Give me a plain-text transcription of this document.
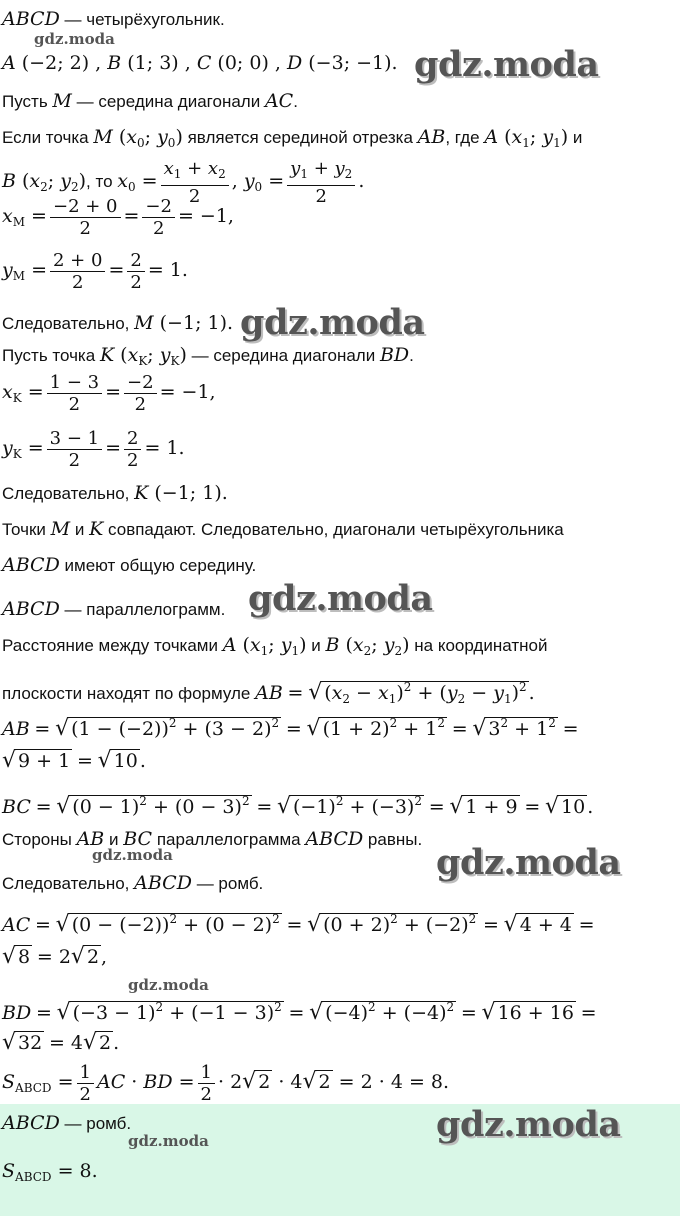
ABCD — четырёхугольник.
gdz.moda
A (−2; 2) , B (1; 3) , C (0; 0) , D (−3; −1). gdz.moda
Пусть M — середина диагонали AC.
Если точка M ($x_0$; $y_0$) является серединой отрезка AB, где A ($x_1$; $y_1$) и
B ($x_2$; $y_2$), то $x_0 = \frac{x_1 + x_2}{2}$ , $y_0 = \frac{y_1 + y_2}{2}$ .
$x_M = \frac{-2 + 0}{2} = \frac{-2}{2} = -1$,
$y_M = \frac{2 + 0}{2} = \frac{2}{2} = 1$.
Следовательно, M (−1; 1). gdz.moda
Пусть точка K ($x_K$; $y_K$) — середина диагонали BD.
$x_K = \frac{1 - 3}{2} = \frac{-2}{2} = -1$,
$y_K = \frac{3 - 1}{2} = \frac{2}{2} = 1$.
Следовательно, K (−1; 1).
Точки M и K совпадают. Следовательно, диагонали четырёхугольника
ABCD имеют общую середину.
ABCD — параллелограмм. gdz.moda
Расстояние между точками A ($x_1$; $y_1$) и B ($x_2$; $y_2$) на координатной
плоскости находят по формуле AB = √ $(x_2 - x_1)^2 + (y_2 - y_1)^2$ .
AB = √ $(1 - (-2))^2 + (3 - 2)^2$ = √ $(1 + 2)^2 + 1^2$ = √ $3^2 + 1^2$ =
√ 9 + 1 = √ 10 .
BC = √ $(0 - 1)^2 + (0 - 3)^2$ = √ $(-1)^2 + (-3)^2$ = √ 1 + 9 = √ 10 .
Стороны AB и BC параллелограмма ABCD равны.
gdz.moda	gdz.moda
Следовательно, ABCD — ромб.
AC = √ $(0 - (-2))^2 + (0 - 2)^2$ = √ $(0 + 2)^2 + (-2)^2$ = √ 4 + 4 =
√ 8 = 2√ 2 ,
gdz.moda
BD = √ $(-3 - 1)^2 + (-1 - 3)^2$ = √ $(-4)^2 + (-4)^2$ = √ 16 + 16 =
√ 32 = 4√ 2 .
$S_{ABCD} = \frac{1}{2}$ AC · BD = $\frac{1}{2} \cdot 2√$ 2 · 4√ 2 = 2 · 4 = 8.
ABCD — ромб.
gdz.moda	gdz.moda
$S_{ABCD} = 8$.
